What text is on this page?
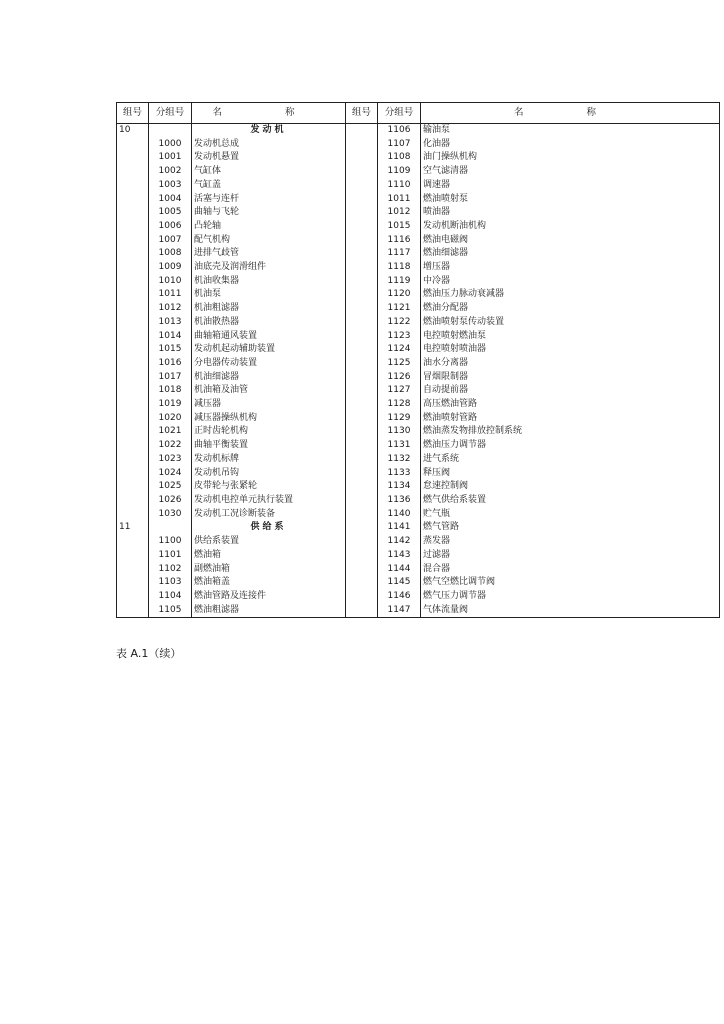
组号	分组号	名 称	组号	分组号	名 称
10		发动机		1106	输油泵
	1000	发动机总成		1107	化油器
	1001	发动机悬置		1108	油门操纵机构
	1002	气缸体		1109	空气滤清器
	1003	气缸盖		1110	调速器
	1004	活塞与连杆		1011	燃油喷射泵
	1005	曲轴与飞轮		1012	喷油器
	1006	凸轮轴		1015	发动机断油机构
	1007	配气机构		1116	燃油电磁阀
	1008	进排气歧管		1117	燃油细滤器
	1009	油底壳及润滑组件		1118	增压器
	1010	机油收集器		1119	中冷器
	1011	机油泵		1120	燃油压力脉动衰减器
	1012	机油粗滤器		1121	燃油分配器
	1013	机油散热器		1122	燃油喷射泵传动装置
	1014	曲轴箱通风装置		1123	电控喷射燃油泵
	1015	发动机起动辅助装置		1124	电控喷射喷油器
	1016	分电器传动装置		1125	油水分离器
	1017	机油细滤器		1126	冒烟限制器
	1018	机油箱及油管		1127	自动提前器
	1019	减压器		1128	高压燃油管路
	1020	减压器操纵机构		1129	燃油喷射管路
	1021	正时齿轮机构		1130	燃油蒸发物排放控制系统
	1022	曲轴平衡装置		1131	燃油压力调节器
	1023	发动机标牌		1132	进气系统
	1024	发动机吊钩		1133	释压阀
	1025	皮带轮与张紧轮		1134	怠速控制阀
	1026	发动机电控单元执行装置		1136	燃气供给系装置
	1030	发动机工况诊断装备		1140	贮气瓶
11		供给系		1141	燃气管路
	1100	供给系装置		1142	蒸发器
	1101	燃油箱		1143	过滤器
	1102	副燃油箱		1144	混合器
	1103	燃油箱盖		1145	燃气空燃比调节阀
	1104	燃油管路及连接件		1146	燃气压力调节器
	1105	燃油粗滤器		1147	气体流量阀
表 A.1（续）
